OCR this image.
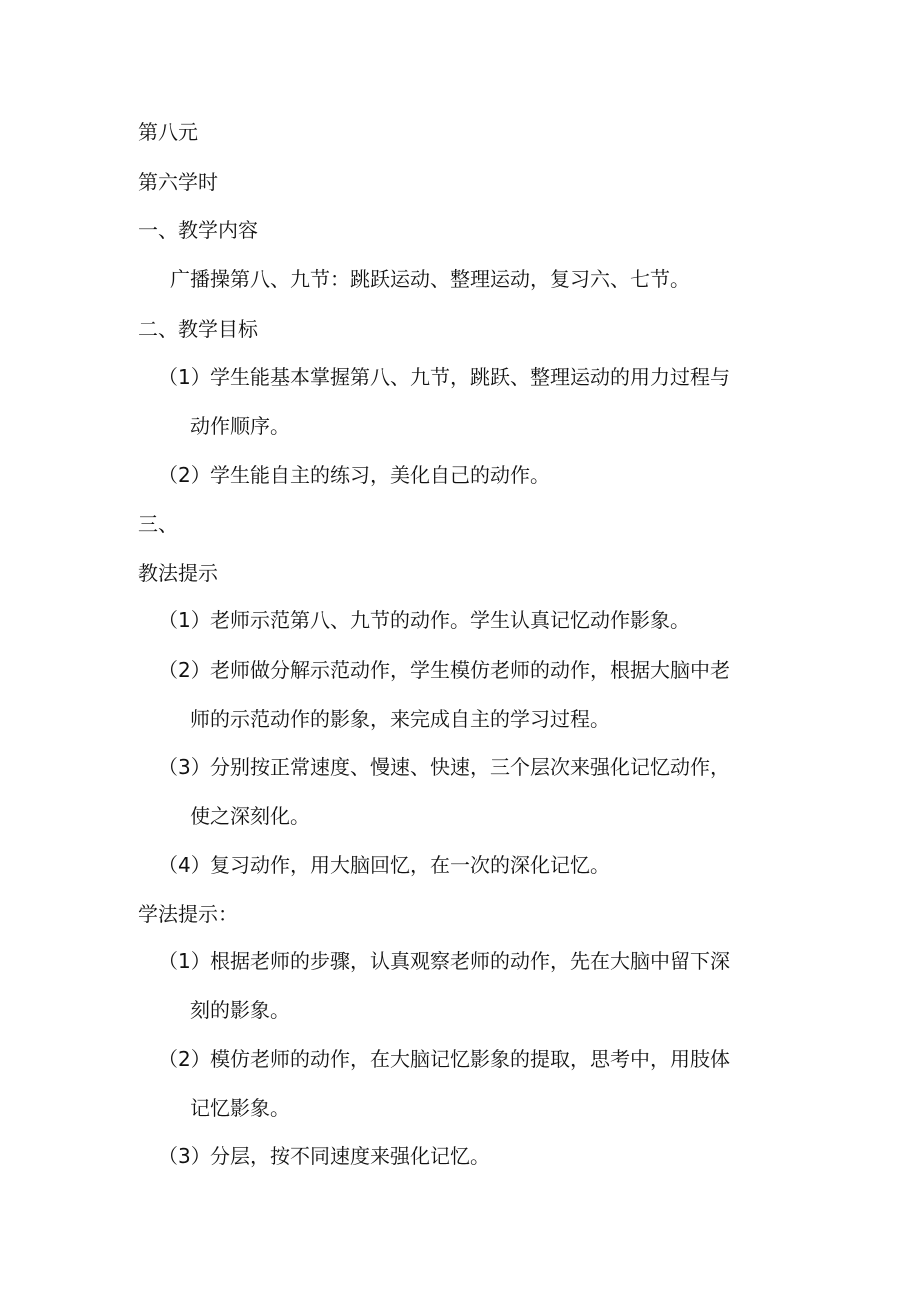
第八元
第六学时
一、教学内容
广播操第八、九节：跳跃运动、整理运动，复习六、七节。
二、教学目标
（1）学生能基本掌握第八、九节，跳跃、整理运动的用力过程与
动作顺序。
（2）学生能自主的练习，美化自己的动作。
三、
教法提示
（1）老师示范第八、九节的动作。学生认真记忆动作影象。
（2）老师做分解示范动作，学生模仿老师的动作，根据大脑中老
师的示范动作的影象，来完成自主的学习过程。
（3）分别按正常速度、慢速、快速，三个层次来强化记忆动作，
使之深刻化。
（4）复习动作，用大脑回忆，在一次的深化记忆。
学法提示：
（1）根据老师的步骤，认真观察老师的动作，先在大脑中留下深
刻的影象。
（2）模仿老师的动作，在大脑记忆影象的提取，思考中，用肢体
记忆影象。
（3）分层，按不同速度来强化记忆。
